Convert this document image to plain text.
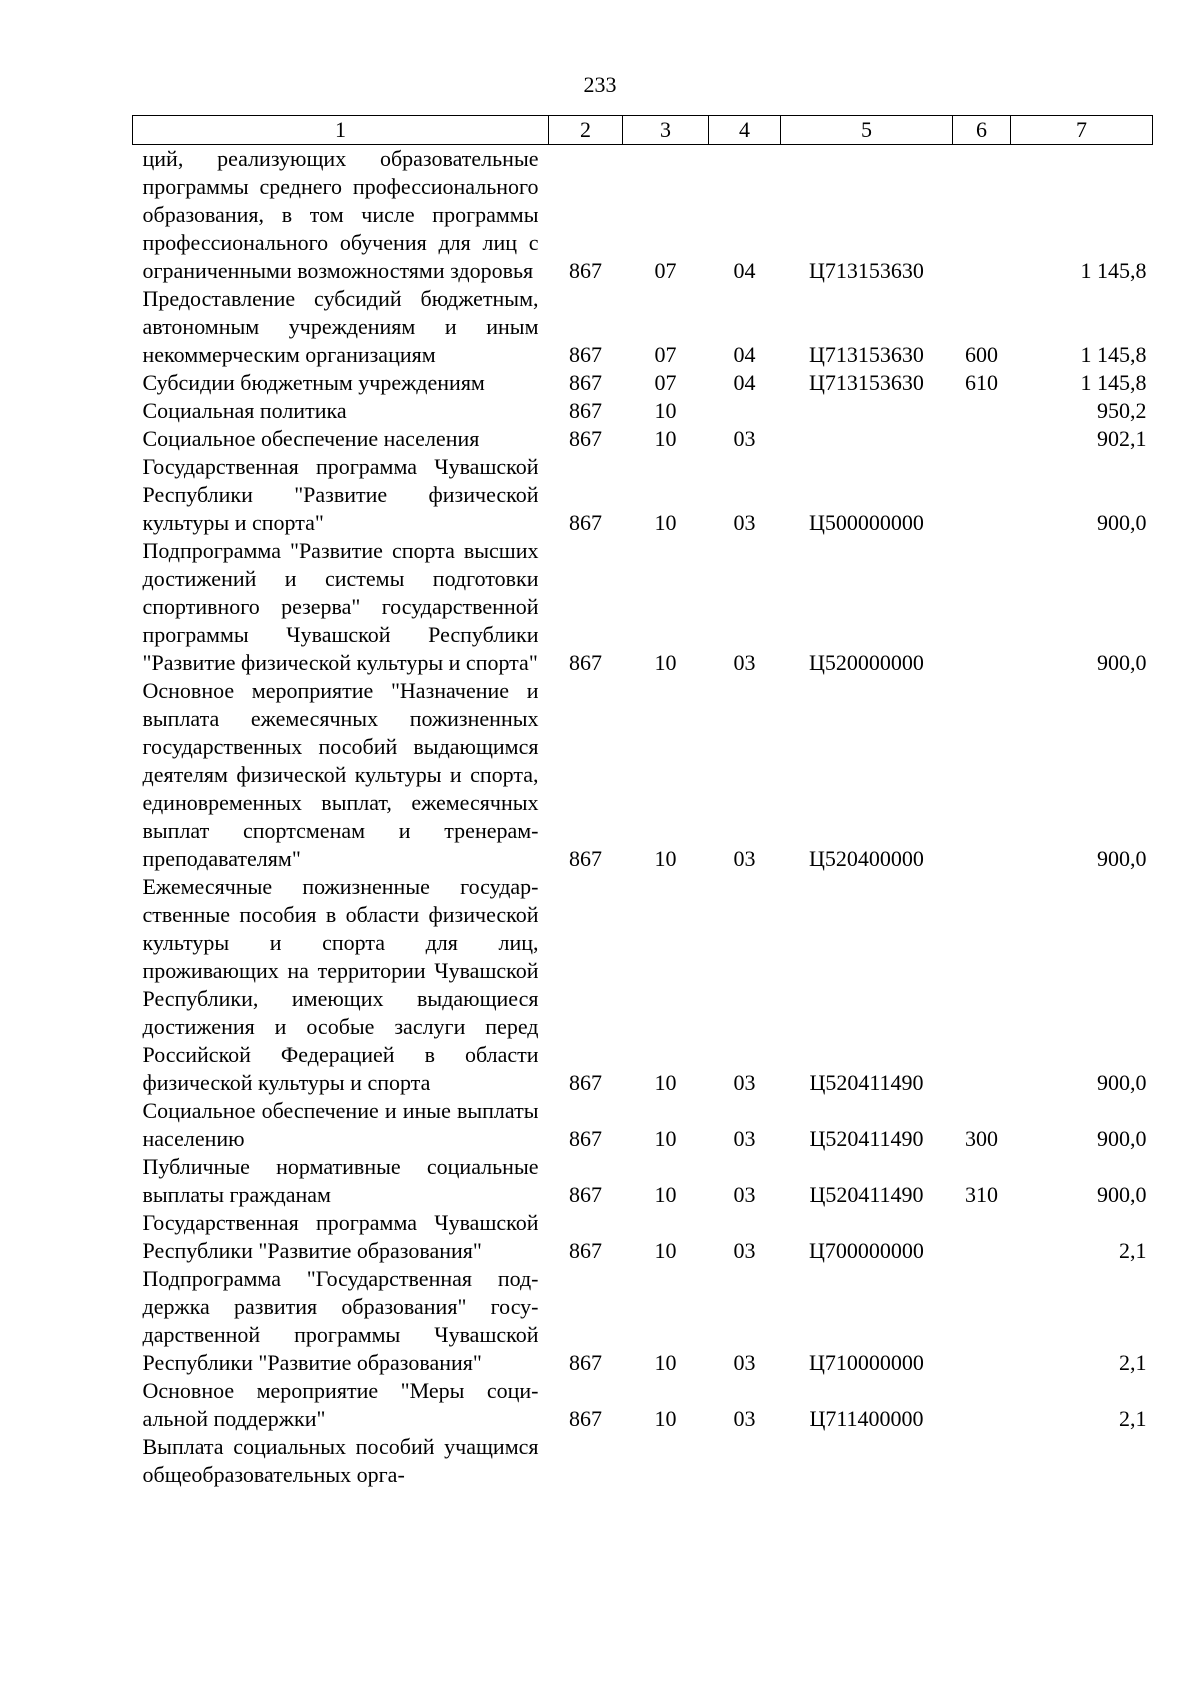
233
1	2	3	4	5	6	7
ций, реализующих образовательные программы среднего профессионального образования, в том числе программы профессионального обучения для лиц с ограниченными возможностями здоровья	867	07	04	Ц713153630		1 145,8
Предоставление субсидий бюджетным, автономным учреждениям и иным некоммерческим организациям	867	07	04	Ц713153630	600	1 145,8
Субсидии бюджетным учреждениям	867	07	04	Ц713153630	610	1 145,8
Социальная политика	867	10				950,2
Социальное обеспечение населения	867	10	03			902,1
Государственная программа Чувашской Республики "Развитие физической культуры и спорта"	867	10	03	Ц500000000		900,0
Подпрограмма "Развитие спорта высших достижений и системы подготовки спортивного резерва" государственной программы Чувашской Республики "Развитие физической культуры и спорта"	867	10	03	Ц520000000		900,0
Основное мероприятие "Назначение и выплата ежемесячных пожизненных государственных пособий выдающимся деятелям физической культуры и спорта, единовременных выплат, ежемесячных выплат спортсменам и тренерам-преподавателям"	867	10	03	Ц520400000		900,0
Ежемесячные пожизненные государственные пособия в области физической культуры и спорта для лиц, проживающих на территории Чувашской Республики, имеющих выдающиеся достижения и особые заслуги перед Российской Федерацией в области физической культуры и спорта	867	10	03	Ц520411490		900,0
Социальное обеспечение и иные выплаты населению	867	10	03	Ц520411490	300	900,0
Публичные нормативные социальные выплаты гражданам	867	10	03	Ц520411490	310	900,0
Государственная программа Чувашской Республики "Развитие образования"	867	10	03	Ц700000000		2,1
Подпрограмма "Государственная поддержка развития образования" государственной программы Чувашской Республики "Развитие образования"	867	10	03	Ц710000000		2,1
Основное мероприятие "Меры социальной поддержки"	867	10	03	Ц711400000		2,1
Выплата социальных пособий учащимся общеобразовательных орга-						
